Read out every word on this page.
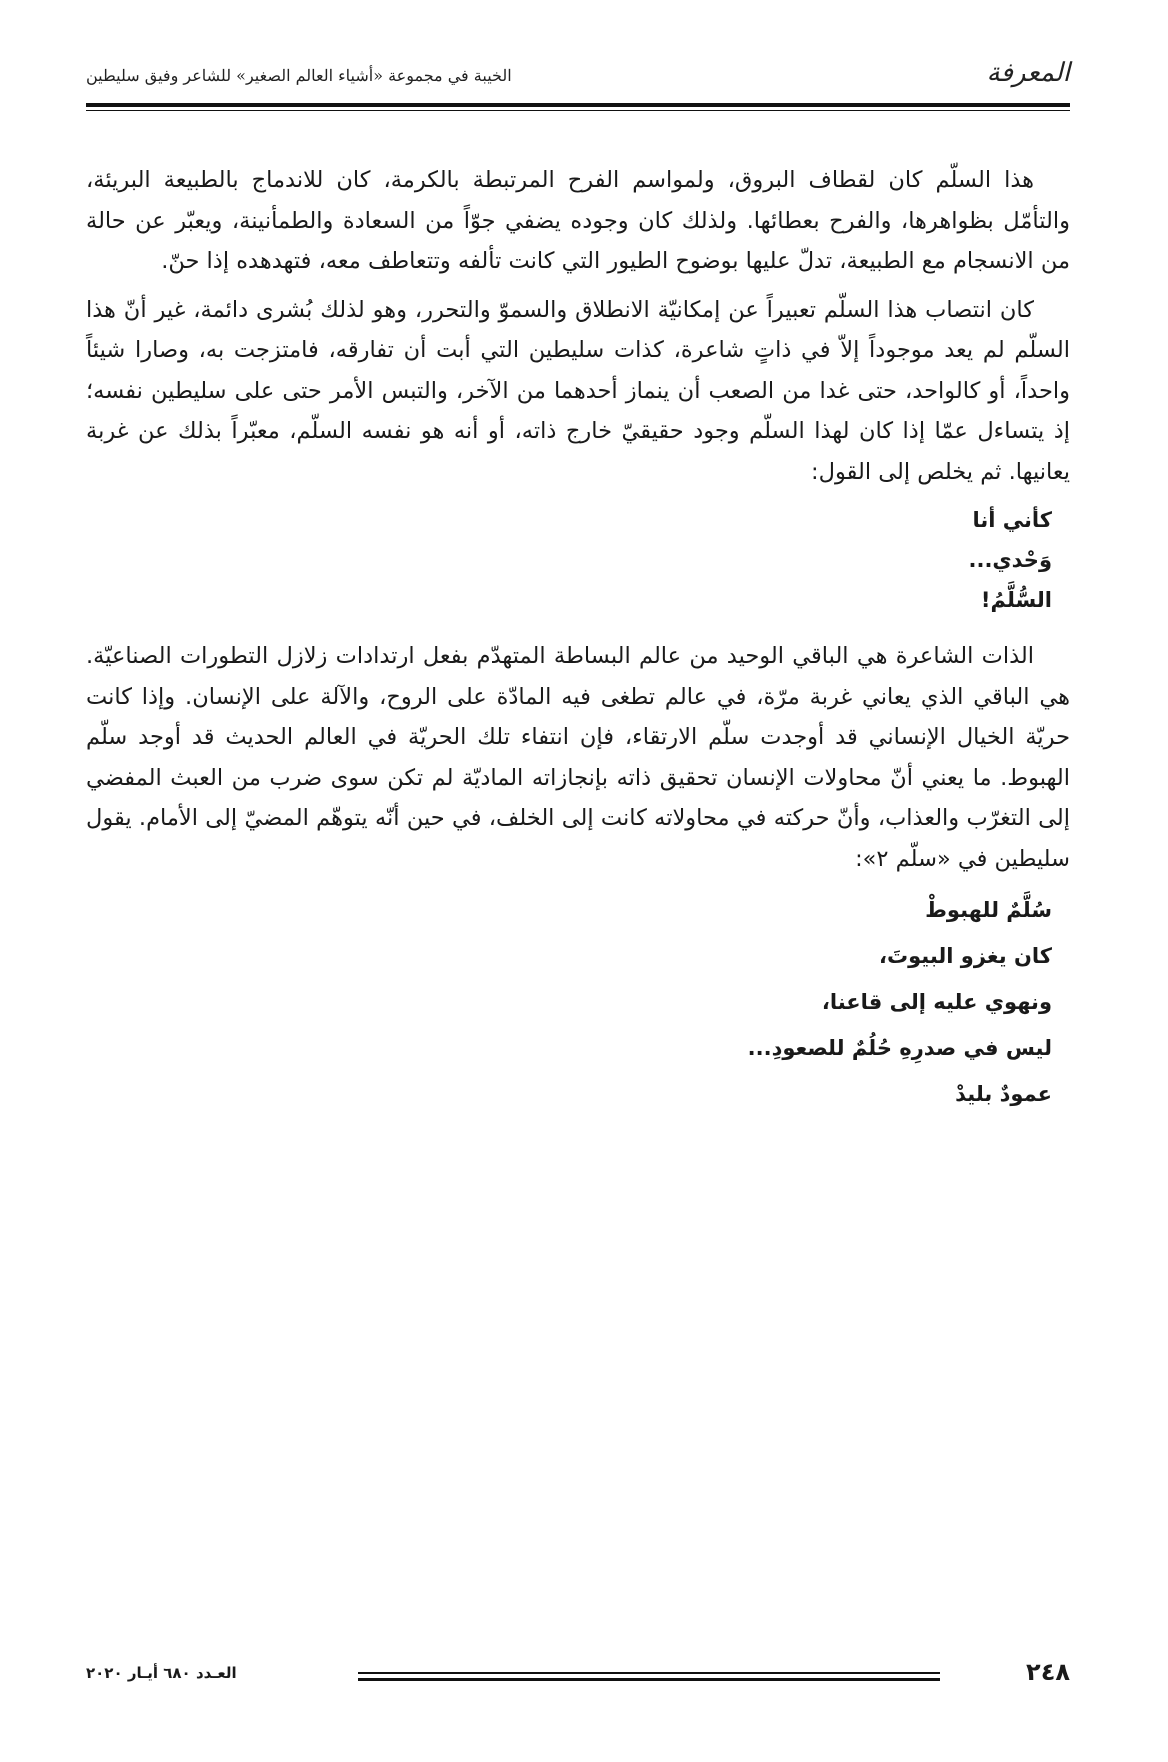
المعرفة
الخيبة في مجموعة «أشياء العالم الصغير» للشاعر وفيق سليطين

هذا السلّم كان لقطاف البروق، ولمواسم الفرح المرتبطة بالكرمة، كان للاندماج بالطبيعة البريئة، والتأمّل بظواهرها، والفرح بعطائها. ولذلك كان وجوده يضفي جوّاً من السعادة والطمأنينة، ويعبّر عن حالة من الانسجام مع الطبيعة، تدلّ عليها بوضوح الطيور التي كانت تألفه وتتعاطف معه، فتهدهده إذا حنّ.

كان انتصاب هذا السلّم تعبيراً عن إمكانيّة الانطلاق والسموّ والتحرر، وهو لذلك بُشرى دائمة، غير أنّ هذا السلّم لم يعد موجوداً إلاّ في ذاتٍ شاعرة، كذات سليطين التي أبت أن تفارقه، فامتزجت به، وصارا شيئاً واحداً، أو كالواحد، حتى غدا من الصعب أن ينماز أحدهما من الآخر، والتبس الأمر حتى على سليطين نفسه؛ إذ يتساءل عمّا إذا كان لهذا السلّم وجود حقيقيّ خارج ذاته، أو أنه هو نفسه السلّم، معبّراً بذلك عن غربة يعانيها. ثم يخلص إلى القول:

كأني أنا

وَحْدي...

السُّلَّمُ!

الذات الشاعرة هي الباقي الوحيد من عالم البساطة المتهدّم بفعل ارتدادات زلازل التطورات الصناعيّة. هي الباقي الذي يعاني غربة مرّة، في عالم تطغى فيه المادّة على الروح، والآلة على الإنسان. وإذا كانت حريّة الخيال الإنساني قد أوجدت سلّم الارتقاء، فإن انتفاء تلك الحريّة في العالم الحديث قد أوجد سلّم الهبوط. ما يعني أنّ محاولات الإنسان تحقيق ذاته بإنجازاته الماديّة لم تكن سوى ضرب من العبث المفضي إلى التغرّب والعذاب، وأنّ حركته في محاولاته كانت إلى الخلف، في حين أنّه يتوهّم المضيّ إلى الأمام. يقول سليطين في «سلّم ٢»:

سُلَّمٌ للهبوطْ

كان يغزو البيوتَ،

ونهوي عليه إلى قاعنا،

ليس في صدرِهِ حُلُمٌ للصعودِ...

عمودٌ بليدْ

٢٤٨
العـدد ٦٨٠ أيـار ٢٠٢٠
